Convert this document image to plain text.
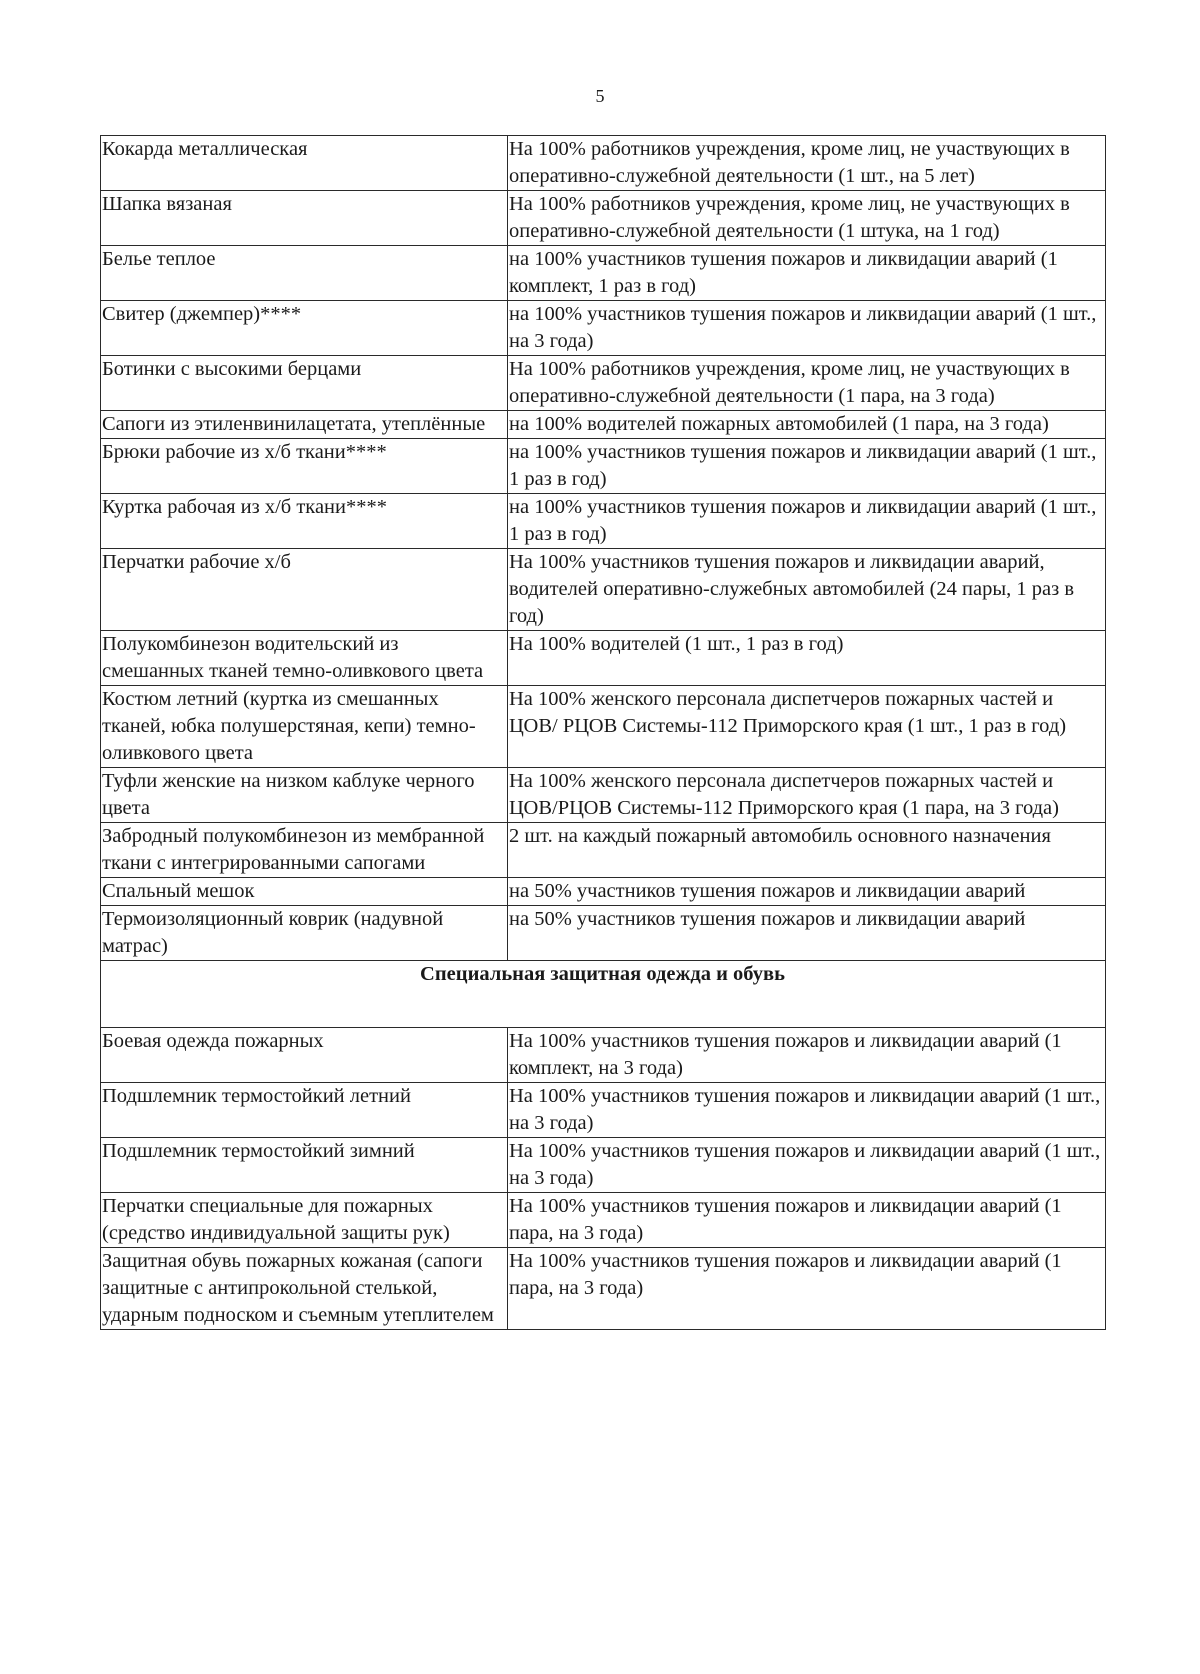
5
Кокарда металлическая	На 100% работников учреждения, кроме лиц, не участвующих в оперативно-служебной деятельности (1 шт., на 5 лет)
Шапка вязаная	На 100% работников учреждения, кроме лиц, не участвующих в оперативно-служебной деятельности (1 штука, на 1 год)
Белье теплое	на 100% участников тушения пожаров и ликвидации аварий (1 комплект, 1 раз в год)
Свитер (джемпер)****	на 100% участников тушения пожаров и ликвидации аварий (1 шт., на 3 года)
Ботинки с высокими берцами	На 100% работников учреждения, кроме лиц, не участвующих в оперативно-служебной деятельности (1 пара, на 3 года)
Сапоги из этиленвинилацетата, утеплённые	на 100% водителей пожарных автомобилей (1 пара, на 3 года)
Брюки рабочие из х/б ткани****	на 100% участников тушения пожаров и ликвидации аварий (1 шт., 1 раз в год)
Куртка рабочая из х/б ткани****	на 100% участников тушения пожаров и ликвидации аварий (1 шт., 1 раз в год)
Перчатки рабочие х/б	На 100% участников тушения пожаров и ликвидации аварий, водителей оперативно-служебных автомобилей (24 пары, 1 раз в год)
Полукомбинезон водительский из смешанных тканей темно-оливкового цвета	На 100% водителей (1 шт., 1 раз в год)
Костюм летний (куртка из смешанных тканей, юбка полушерстяная, кепи) темно-оливкового цвета	На 100% женского персонала диспетчеров пожарных частей и ЦОВ/ РЦОВ Системы-112 Приморского края (1 шт., 1 раз в год)
Туфли женские на низком каблуке черного цвета	На 100% женского персонала диспетчеров пожарных частей и ЦОВ/РЦОВ Системы-112 Приморского края (1 пара, на 3 года)
Забродный полукомбинезон из мембранной ткани с интегрированными сапогами	2 шт. на каждый пожарный автомобиль основного назначения
Спальный мешок	на 50% участников тушения пожаров и ликвидации аварий
Термоизоляционный коврик (надувной матрас)	на 50% участников тушения пожаров и ликвидации аварий
Специальная защитная одежда и обувь	
Боевая одежда пожарных	На 100% участников тушения пожаров и ликвидации аварий (1 комплект, на 3 года)
Подшлемник термостойкий летний	На 100% участников тушения пожаров и ликвидации аварий (1 шт., на 3 года)
Подшлемник термостойкий зимний	На 100% участников тушения пожаров и ликвидации аварий (1 шт., на 3 года)
Перчатки специальные для пожарных (средство индивидуальной защиты рук)	На 100% участников тушения пожаров и ликвидации аварий (1 пара, на 3 года)
Защитная обувь пожарных кожаная (сапоги защитные с антипрокольной стелькой, ударным подноском и съемным утеплителем	На 100% участников тушения пожаров и ликвидации аварий (1 пара, на 3 года)
